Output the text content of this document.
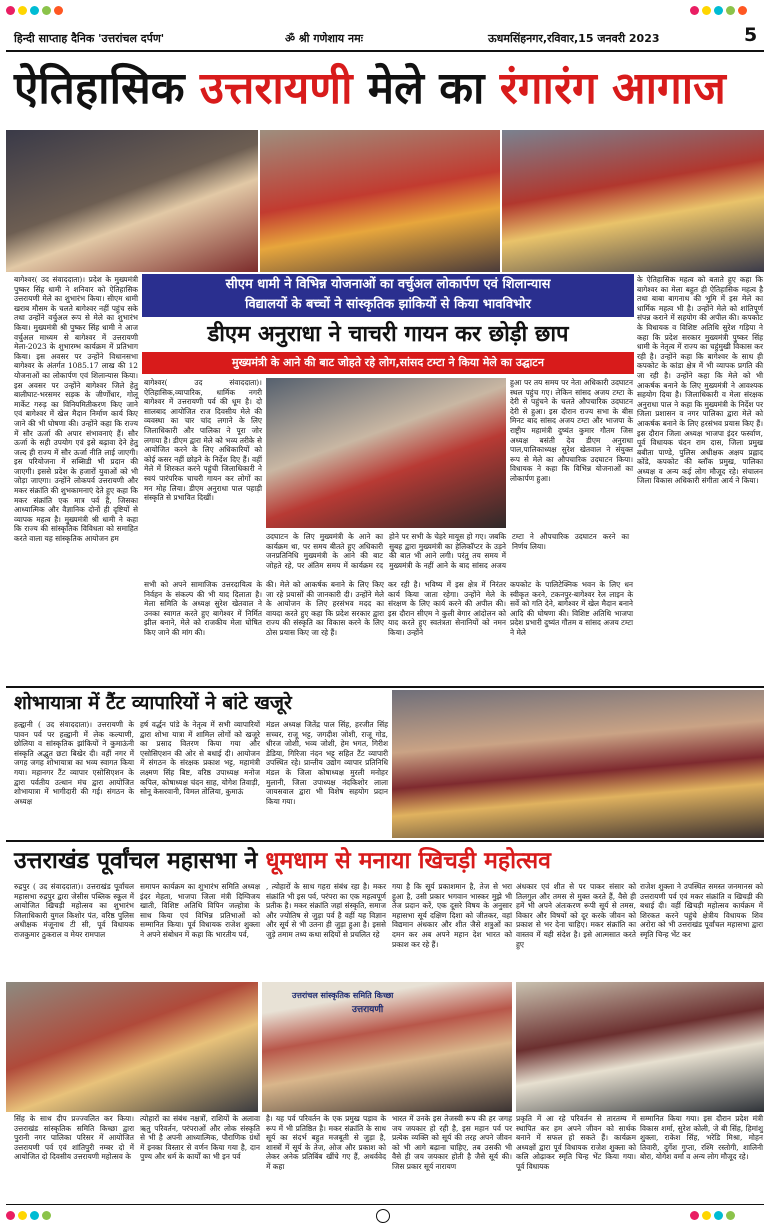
हिन्दी साप्ताह दैनिक 'उत्तरांचल दर्पण'	ॐ श्री गणेशाय नमः	ऊधमसिंहनगर,रविवार,15 जनवरी 2023	5
ऐतिहासिक उत्तरायणी मेले का रंगारंग आगाज
सीएम धामी ने विभिन्न योजनाओं का वर्चुअल लोकार्पण एवं शिलान्यास
विद्यालयों के बच्चों ने सांस्कृतिक झांकियों से किया भावविभोर
बागेश्वर( उद संवाददाता)। प्रदेश के मुख्यमंत्री पुष्कर सिंह धामी ने शनिवार को ऐतिहासिक उत्तरायणी मेले का शुभारंभ किया। सीएम धामी खराब मौसम के चलते बागेश्वर नहीं पहुंच सके तथा उन्होंने वर्चुअल रूप से मेले का शुभारंभ किया। मुख्यमंत्री श्री पुष्कर सिंह धामी ने आज वर्चुअल माध्यम से बागेश्वर में उत्तरायणी मेला-2023 के शुभारम्भ कार्यक्रम में प्रतिभाग किया। इस अवसर पर उन्होंने विधानसभा बागेश्वर के अंतर्गत 1085.17 लाख की 12 योजनाओं का लोकार्पण एवं शिलान्यास किया। इस अवसर पर उन्होंने बागेश्वर जिले हेतु बालीघाट-भरसमर सड़क के जीर्णोंधार, गोलू मार्केट गरुड़ का विनियमितीकरण किए जाने एवं बागेश्वर में खेल मैदान निर्माण कार्य किए जाने की भी घोषणा की। उन्होंने कहा कि राज्य में सौर ऊर्जा की अपार संभावनाएं हैं। सौर ऊर्जा के सही उपयोग एवं इसे बढ़ावा देने हेतु जल्द ही राज्य में सौर ऊर्जा नीति लाई जाएगी। इस परियोजना में सब्सिडी भी प्रदान की जाएगी। इससे प्रदेश के हजारों युवाओं को भी जोड़ा जाएगा। उन्होंने लोकपर्व उत्तरायणी और मकर संक्रांति की शुभकामनाएं देते हुए कहा कि मकर संक्रांति एक मात्र पर्व है, जिसका आध्यात्मिक और वैज्ञानिक दोनों ही दृष्टियों से व्यापक महत्व है। मुख्यमंत्री श्री धामी ने कहा कि राज्य की सांस्कृतिक विविधता को समाहित करते वाला यह सांस्कृतिक आयोजन हम
के ऐतिहासिक महत्व को बताते हुए कहा कि बागेश्वर का मेला बहुत ही ऐतिहासिक महत्व है तथा बाबा बागनाथ की भूमि में इस मेले का धार्मिक महत्व भी है। उन्होंने मेले को शांतिपूर्ण संपन्न कराने में सहयोग की अपील की। कपकोट के विधायक व विशिष्ट अतिथि सुरेश गड़िया ने कहा कि प्रदेश सरकार मुख्यमंत्री पुष्कर सिंह धामी के नेतृत्व में राज्य का चहुंमुखी विकास कर रही है। उन्होंने कहा कि बागेश्वर के साथ ही कपकोट के कांडा क्षेत्र में भी व्यापक प्रगति की जा रही है। उन्होंने कहा कि मेले को भी आकर्षक बनाने के लिए मुख्यमंत्री ने आवश्यक सहयोग दिया है। जिलाधिकारी व मेला संरक्षक अनुराधा पाल ने कहा कि मुख्यमंत्री के निर्देश पर जिला प्रशासन व नगर पालिका द्वारा मेले को आकर्षक बनाने के लिए हरसंभव प्रयास किए हैं। इस दौरान जिला अध्यक्ष भाजपा इंदर फर्स्वाण, पूर्व विधायक चंदन राम दास, जिला प्रमुख बबीता पाण्डे, पुलिस अधीक्षक अक्षय प्रह्लाद कोंडे, कपकोट की ब्लॉक प्रमुख, पालिका अध्यक्ष व अन्य कई लोग मौजूद रहे। संचालन जिला विकास अधिकारी संगीता आर्य ने किया।
डीएम अनुराधा ने चाचरी गायन कर छोड़ी छाप
मुख्यमंत्री के आने की बाट जोहते रहे लोग,सांसद टम्टा ने किया मेले का उद्घाटन
बागेश्वर( उद संवाददाता)। ऐतिहासिक,व्यापारिक, धार्मिक नगरी बागेश्वर में उत्तरायणी पर्व की धूम है। दो सालबाद आयोजित राज दिवसीय मेले की व्यवस्था का चार चांद लगाने के लिए जिलाधिकारी और पालिका ने पूरा जोर लगाया है। डीएम द्वारा मेले को भव्य तरीके से आयोजित करने के लिए अधिकारियों को कोई कसर नहीं छोड़ने के निर्देश दिए हैं। वहीं मेले में शिरकत करने पहुंची जिलाधिकारी ने स्वयं पारंपरिक चाचरी गायन कर लोगों का मन मोह लिया। डीएम अनुराधा पाल पहाड़ी संस्कृति से प्रभावित दिखीं।
उदघाटन के लिए मुख्यमंत्री के आने का कार्यक्रम था, पर समय बीतते हुए अधिकारी जनप्रतिनिधि मुख्यमंत्री के आने की बाट जोहते रहे, पर अंतिम समय में कार्यक्रम रद होने पर सभी के चेहरे मायूस हो गए। जबकि सुबह द्वारा मुख्यमंत्री का हेलिकॉप्टर के उड़ने की बात भी आने लगी। परंतु तय समय में मुख्यमंत्री के नहीं आने के बाद सांसद अजय टम्टा ने औपचारिक उदघाटन करने का निर्णय लिया।
हुआ पर तय समय पर नेता अधिकारी उदघाटन स्थल पहुंच गए। लेकिन सांसद अजय टम्टा के देरी से पहुंचने के चलते औपचारिक उदघाटन देरी से हुआ। इस दौरान राज्य सभा के बीस मिनट बाद सांसद अजय टम्टा और भाजपा के राष्ट्रीय महामंत्री दुष्यंत कुमार गौतम जिस अध्यक्ष बसंती देव डीएम अनुराधा पाल,पालिकाध्यक्ष सुरेश खेतवाल ने संयुक्त रूप से मेले का औपचारिक उदघाटन किया। विधायक ने कहा कि विभिन्न योजनाओं का लोकार्पण हुआ।
सभी को अपने सामाजिक उत्तरदायित्व के निर्वहन के संकल्प की भी याद दिलाता है। मेला समिति के अध्यक्ष सुरेश खेतवाल ने उनका स्वागत करते हुए बागेश्वर में निर्मित झील बनाने, मेले को राजकीय मेला घोषित किए जाने की मांग की।
की। मेले को आकर्षक बनाने के लिए किए जा रहे प्रयासों की जानकारी दी। उन्होंने मेले के आयोजन के लिए हरसंभव मदद का वायदा करते हुए कहा कि प्रदेश सरकार द्वारा राज्य की संस्कृति का विकास करने के लिए ठोस प्रयास किए जा रहे हैं।
कर रही है। भविष्य में इस क्षेत्र में निरंतर कार्य किया जाता रहेगा। उन्होंने मेले के संरक्षण के लिए कार्य करने की अपील की। इस दौरान सीएम ने कुली बेगार आंदोलन को याद करते हुए स्वतंत्रता सेनानियों को नमन किया। उन्होंने
कपकोट के पालिटेक्निक भवन के लिए धन स्वीकृत करने, टकनपुर-बागेश्वर रेल लाइन के सर्वे को गति देने, बागेश्वर में खेल मैदान बनाने आदि की घोषणा की। विशिष्ट अतिथि भाजपा प्रदेश प्रभारी दुष्यंत गौतम व सांसद अजय टम्टा ने मेले
शोभायात्रा में टैंट व्यापारियों ने बांटे खजूरे
हल्द्वानी ( उद संवाददाता)। उत्तरायणी के पावन पर्व पर हल्द्वानी में लेक कल्याणी, छोलिया व सांस्कृतिक झांकियों ने कुमाऊंनी संस्कृति अद्भुत छटा बिखेर दी। वहीं नगर में जगह जगह शोभायात्रा का भव्य स्वागत किया गया। महानगर टैंट व्यापार एसोसिएशन के द्वारा पर्वतीय उत्थान मंच द्वारा आयोजित शोभायात्रा में भागीदारी की गई। संगठन के अध्यक्ष
हर्ष वर्द्धन पांडे के नेतृत्व में सभी व्यापारियों द्वारा शोभा यात्रा में शामिल लोगों को खजूरे का प्रसाद वितरण किया गया और एसोसिएशन की ओर से बधाई दी। आयोजन में संगठन के संरक्षक प्रकाश भट्ट, महामंत्री लक्ष्मण सिंह बिष्ट, वरिष्ठ उपाध्यक्ष मनोज कपिल, कोषाध्यक्ष चंदन साह, योगेश तिवाड़ी, सोनू केसरवानी, विमल तोलिया, कुमाऊं
मंडल अध्यक्ष जितेंद्र पाल सिंह, हरजीत सिंह सच्चर, राजू भट्ट, जगदीश जोशी, राजू गोड, धीरज जोशी, भव्य जोशी, हेम भगत, गिरीश डेडिया, गिरिजा नंदन भट्ट सहित टैंट व्यापारी उपस्थित रहे। प्रान्तीय उद्योग व्यापार प्रतिनिधि मंडल के जिला कोषाध्यक्ष मुरली मनोहर मुलानी, जिला उपाध्यक्ष नंदकिशोर लाला जायसवाल द्वारा भी विशेष सहयोग प्रदान किया गया।
उत्तराखंड पूर्वांचल महासभा ने धूमधाम से मनाया खिचड़ी महोत्सव
रुद्रपुर ( उद संवाददाता)। उत्तराखंड पूर्वांचल महासभा रुद्रपुर द्वारा जेसीस पब्लिक स्कूल में आयोजित खिचड़ी महोत्सव का शुभारंभ जिलाधिकारी युगल किशोर पंत, वरिष्ठ पुलिस अधीक्षक मंजूनाथ टी सी, पूर्व विधायक राजकुमार ठुकराल व मेयर रामपाल
समापन कार्यक्रम का शुभारंभ समिति अध्यक्ष इंदर मेहता, भाजपा जिला मंत्री दिग्विजय खाती, विशिष्ट अतिथि विपिन जल्होत्रा के साथ किया एवं विभिन्न प्रतिभाओं को सम्मानित किया। पूर्व विधायक राजेश शुक्ला ने अपने संबोधन में कहा कि भारतीय पर्व,
, त्योहारों के साथ गहरा संबंध रहा है। मकर संक्रांति भी इस पर्व, परंपरा का एक महत्वपूर्ण प्रतीक है। मकर संक्रांति जहां संस्कृति, समाज और ज्योतिष से जुड़ा पर्व है वहीं यह विज्ञान और सूर्य से भी उतना ही जुड़ा हुआ है। इससे जुड़े तमाम तथ्य कथा सदियों से प्रचलित रहे
गया है कि सूर्य प्रकाशमान है, तेज से भरा हुआ है, उसी प्रकार भगवान भास्कर मुझे भी तेज प्रदान करें, एक दूसरे विषय के अनुसार महासभा सूर्य दक्षिण दिशा को जीतकर, वहां विद्यमान अंधकार और शीत जैसे शत्रुओं का दमन कर अब अपने महान देश भारत को प्रकाश कर रहे हैं।
अंधकार एवं शीत से पर पाकर संसार को तिलगुल और तमस से मुक्त करते हैं, वैसे ही हमें भी अपने अंतःकरण रूपी सूर्य से तमस, विकार और विषयों को दूर करके जीवन को प्रकाश से भर देना चाहिए। मकर संक्रांति का वास्तव में यही संदेश है। इसे आत्मसात करते हुए
राजेश शुक्ला ने उपस्थित समस्त जनमानस को उत्तरायणी पर्व एवं मकर संक्रांति व खिचड़ी की बधाई दी। वहीं खिचड़ी महोत्सव कार्यक्रम में शिरकत करने पहुंचे क्षेत्रीय विधायक शिव अरोरा को भी उत्तराखंड पूर्वांचल महासभा द्वारा स्मृति चिन्ह भेंट कर
उत्तरांचल सांस्कृतिक समिति किच्छा
उत्तरायणी
सिंह के साथ दीप प्रज्ज्वलित कर किया। उत्तराखंड सांस्कृतिक समिति किच्छा द्वारा पुरानी नगर पालिका परिसर में आयोजित उत्तरायणी पर्व एवं शांतिपुरी नम्बर दो में आयोजित दो दिवसीय उत्तरायणी महोत्सव के
त्योहारों का संबंध नक्षत्रों, राशियों के अलावा ऋतु परिवर्तन, परंपराओं और लोक संस्कृति से भी है अपनी आध्यात्मिक, पौराणिक ग्रंथों में इनका विस्तार से वर्णन किया गया है, दान पुण्य और धर्म के कार्यों का भी इन पर्व
है। यह पर्व परिवर्तन के एक प्रमुख पड़ाव के रूप में भी प्रतिष्ठित है। मकर संक्रांति के साथ सूर्य का संदर्भ बहुत मजबूती से जुड़ा है, शास्त्रों में सूर्य के तेज, ओज और प्रकाश को लेकर अनेक प्रतिबिंब खींचे गए हैं, अथर्ववेद में कहा
भारत में उनके इस तेजस्वी रूप की हर जगह जय जयकार हो रही है, इस महान पर्व पर प्रत्येक व्यक्ति को सूर्य की तरह अपने जीवन को भी आगे बढ़ाना चाहिए, तब उसकी भी वैसे ही जय जयकार होती है जैसे सूर्य की। जिस प्रकार सूर्य नारायण
प्रकृति में आ रहे परिवर्तन से तारतम्य में स्थापित कर हम अपने जीवन को सार्थक बनाने में सफल हो सकते हैं। कार्यक्रम अध्यक्षों द्वारा पूर्व विधायक राजेश शुक्ला को कलि ओढ़ाकर स्मृति चिन्ह भेंट किया गया। पूर्व विधायक
सम्मानित किया गया। इस दौरान प्रदेश मंत्री विकास शर्मा, सुरेश कोली, जे बी सिंह, हिमांशु शुक्ला, राकेश सिंह, भरेडि मिश्रा, मोहन तिवारी, दुर्गेश गुप्ता, रश्मि रस्तोगी, शालिनी बोरा, योगेश वर्मा व अन्य लोग मौजूद रहे।
